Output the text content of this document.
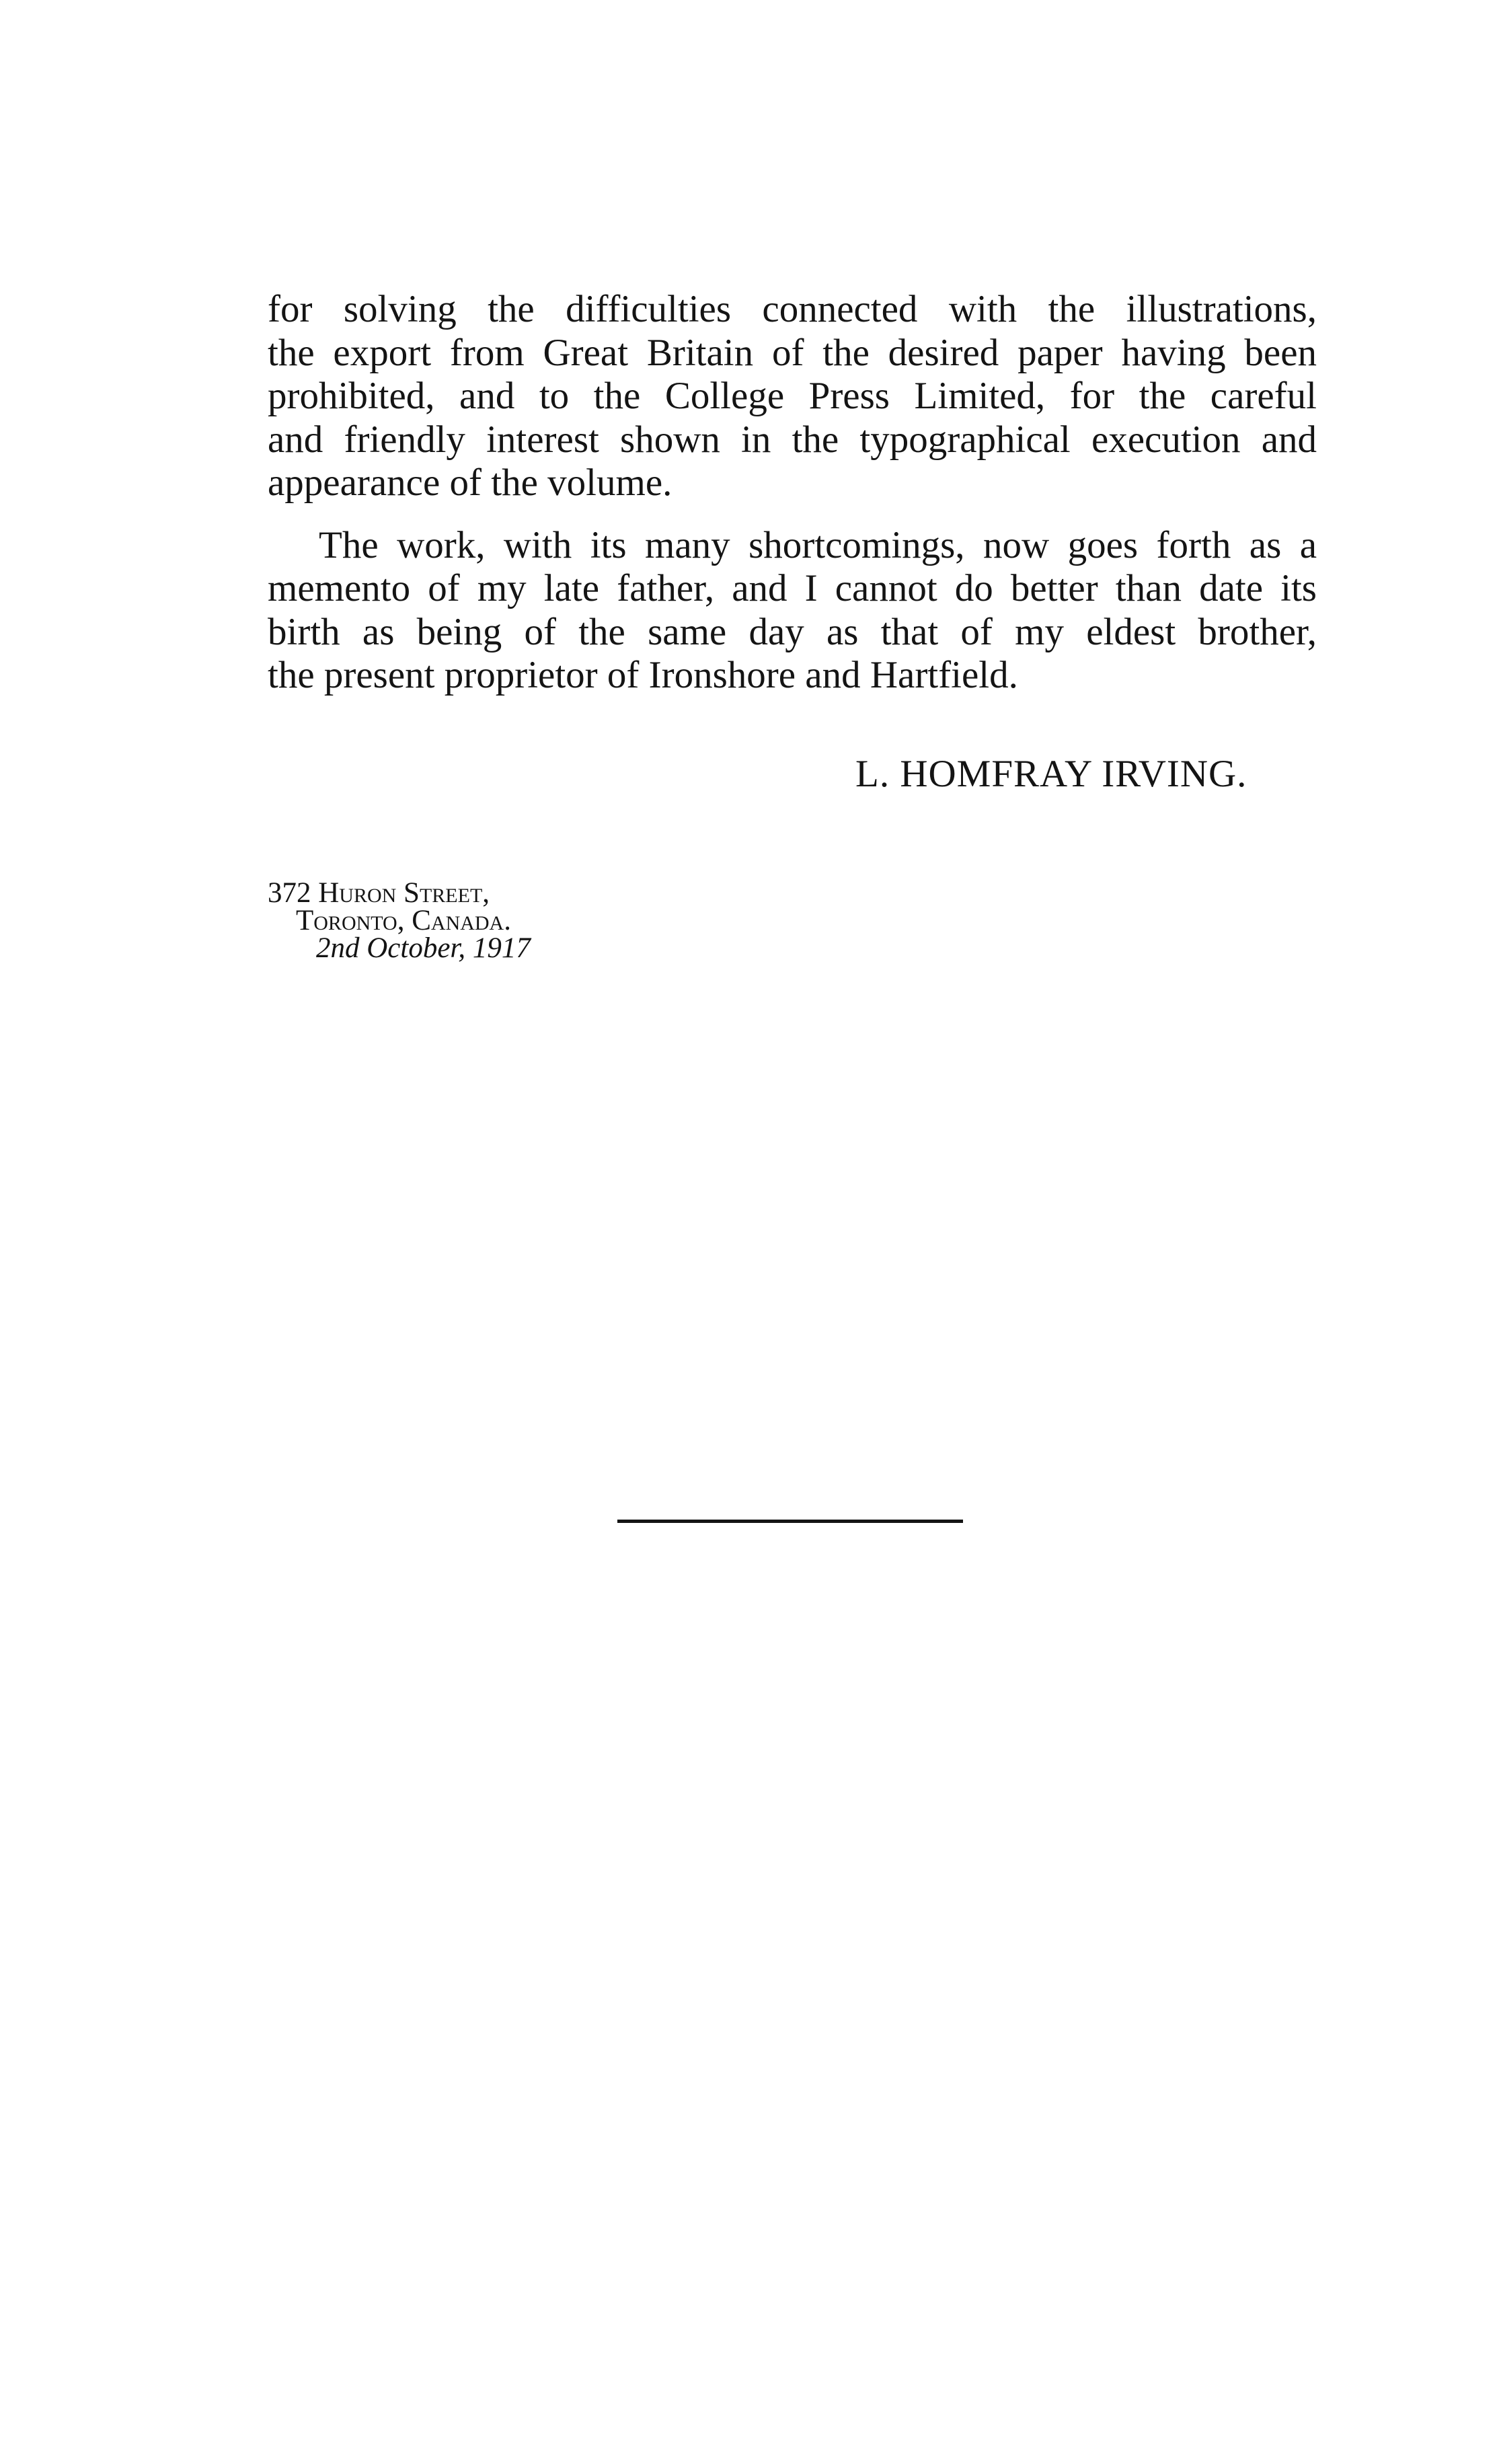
for solving the difficulties connected with the illustrations,
the export from Great Britain of the desired paper having been
prohibited, and to the College Press Limited, for the careful
and friendly interest shown in the typographical execution and
appearance of the volume.
The work, with its many shortcomings, now goes forth as a
memento of my late father, and I cannot do better than date its
birth as being of the same day as that of my eldest brother,
the present proprietor of Ironshore and Hartfield.
L. HOMFRAY IRVING.
372 Huron Street,
Toronto, Canada.
2nd October, 1917
